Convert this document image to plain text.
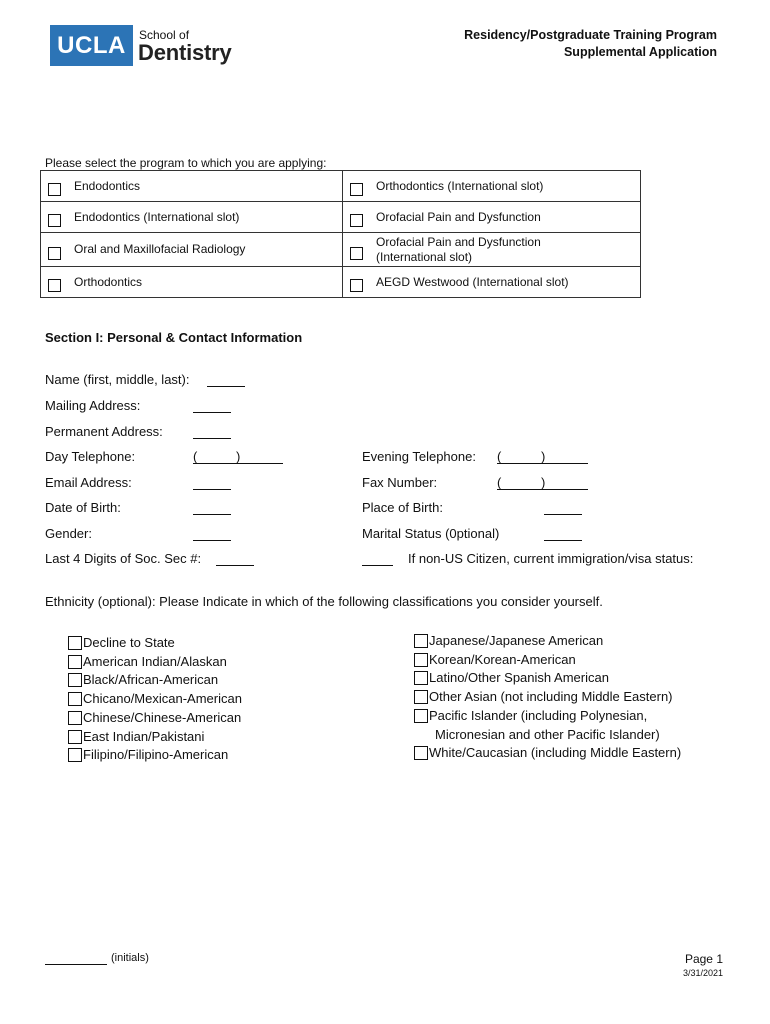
UCLA	School of
Dentistry
Residency/Postgraduate Training Program
Supplemental Application
Please select the program to which you are applying:

	Endodontics		Orthodontics (International slot)

	Endodontics (International slot)		Orofacial Pain and Dysfunction

	Oral and Maxillofacial Radiology		Orofacial Pain and Dysfunction
(International slot)

	Orthodontics		AEGD Westwood (International slot)
Section I: Personal & Contact Information
Name (first, middle, last):
Mailing Address:
Permanent Address:
Day Telephone:	(	)	Evening Telephone: (	)
Email Address:	Fax Number:	(	)
Date of Birth:	Place of Birth:
Gender:	Marital Status (0ptional)
Last 4 Digits of Soc. Sec #:	If non-US Citizen, current immigration/visa status:
Ethnicity (optional): Please Indicate in which of the following classifications you consider yourself.
Decline to State
American Indian/Alaskan
Black/African-American
Chicano/Mexican-American
Chinese/Chinese-American
East Indian/Pakistani
Filipino/Filipino-American
Japanese/Japanese American
Korean/Korean-American
Latino/Other Spanish American
Other Asian (not including Middle Eastern)
Pacific Islander (including Polynesian,
Micronesian and other Pacific Islander)
White/Caucasian (including Middle Eastern)
(initials)	Page 1
3/31/2021
